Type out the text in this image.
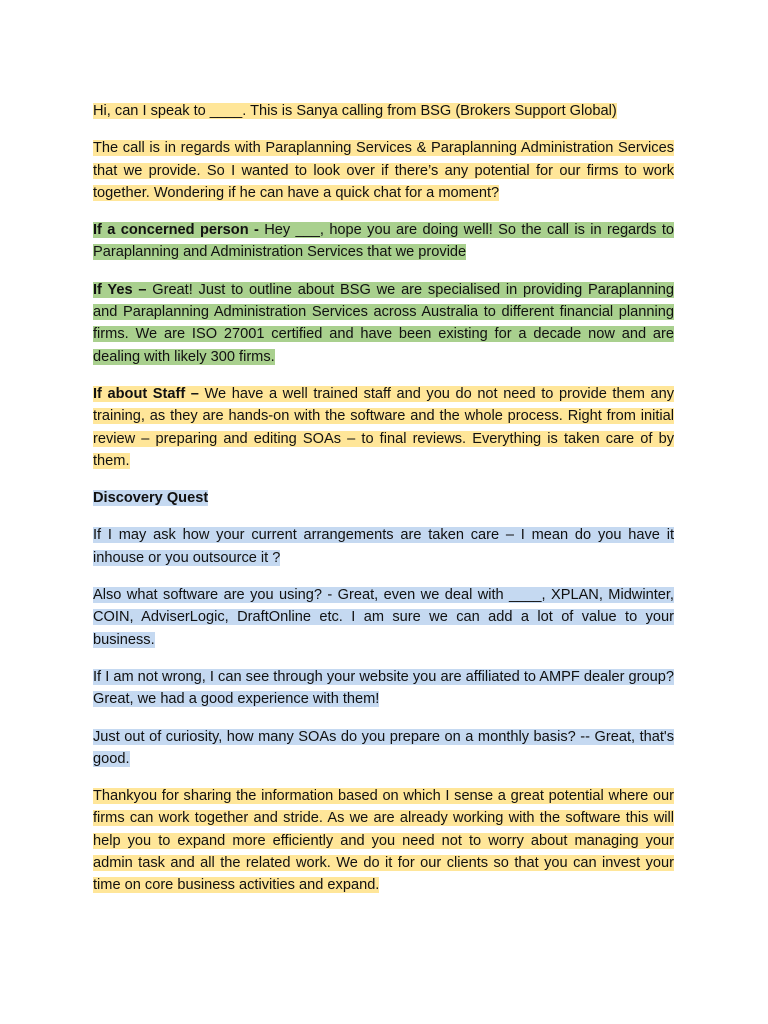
Hi, can I speak to ____. This is Sanya calling from BSG (Brokers Support Global)

The call is in regards with Paraplanning Services & Paraplanning Administration Services that we provide. So I wanted to look over if there’s any potential for our firms to work together. Wondering if he can have a quick chat for a moment?

If a concerned person - Hey ___, hope you are doing well! So the call is in regards to Paraplanning and Administration Services that we provide

If Yes – Great! Just to outline about BSG we are specialised in providing Paraplanning and Paraplanning Administration Services across Australia to different financial planning firms. We are ISO 27001 certified and have been existing for a decade now and are dealing with likely 300 firms.

If about Staff – We have a well trained staff and you do not need to provide them any training, as they are hands-on with the software and the whole process. Right from initial review – preparing and editing SOAs – to final reviews. Everything is taken care of by them.

Discovery Quest

If I may ask how your current arrangements are taken care – I mean do you have it inhouse or you outsource it ?

Also what software are you using? - Great, even we deal with ____, XPLAN, Midwinter, COIN, AdviserLogic, DraftOnline etc. I am sure we can add a lot of value to your business.

If I am not wrong, I can see through your website you are affiliated to AMPF dealer group? Great, we had a good experience with them!

Just out of curiosity, how many SOAs do you prepare on a monthly basis? -- Great, that's good.

Thankyou for sharing the information based on which I sense a great potential where our firms can work together and stride. As we are already working with the software this will help you to expand more efficiently and you need not to worry about managing your admin task and all the related work. We do it for our clients so that you can invest your time on core business activities and expand.
